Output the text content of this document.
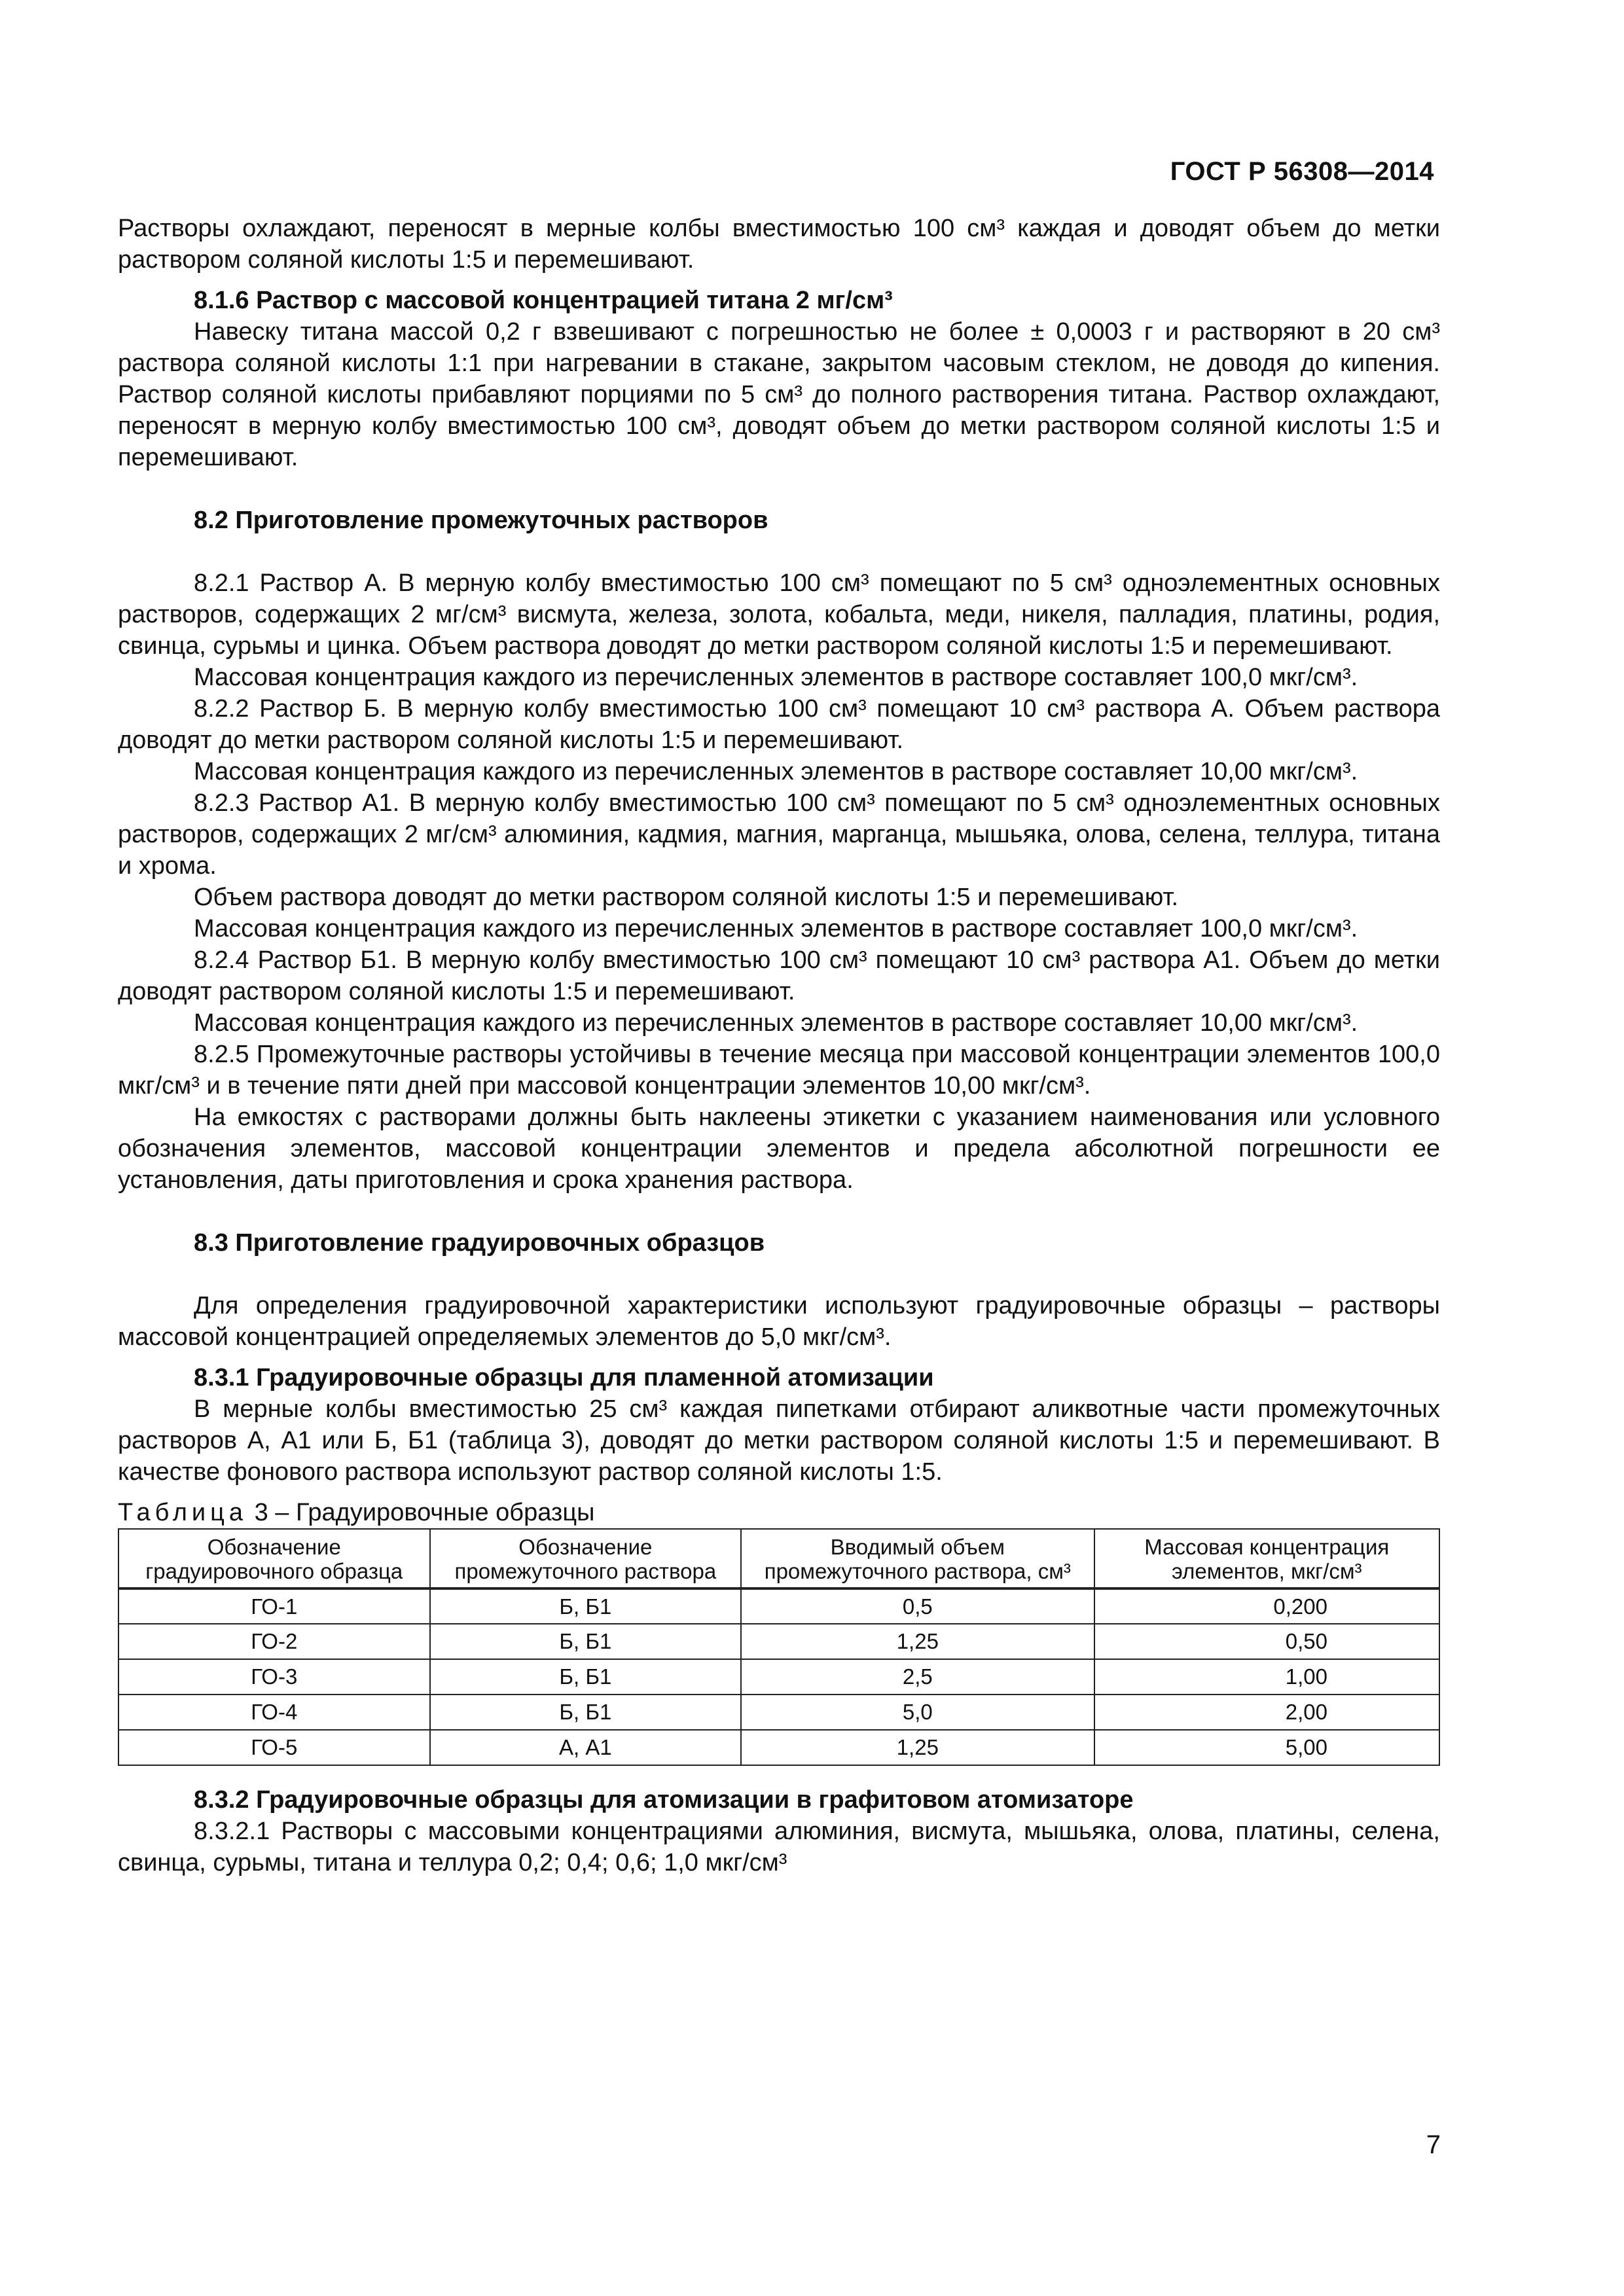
ГОСТ Р 56308—2014

Растворы охлаждают, переносят в мерные колбы вместимостью 100 см³ каждая и доводят объем до метки раствором соляной кислоты 1:5 и перемешивают.

8.1.6 Раствор с массовой концентрацией титана 2 мг/см³

Навеску титана массой 0,2 г взвешивают с погрешностью не более ± 0,0003 г и растворяют в 20 см³ раствора соляной кислоты 1:1 при нагревании в стакане, закрытом часовым стеклом, не доводя до кипения. Раствор соляной кислоты прибавляют порциями по 5 см³ до полного растворения титана. Раствор охлаждают, переносят в мерную колбу вместимостью 100 см³, доводят объем до метки раствором соляной кислоты 1:5 и перемешивают.

8.2 Приготовление промежуточных растворов

8.2.1 Раствор А. В мерную колбу вместимостью 100 см³ помещают по 5 см³ одноэлементных основных растворов, содержащих 2 мг/см³ висмута, железа, золота, кобальта, меди, никеля, палладия, платины, родия, свинца, сурьмы и цинка. Объем раствора доводят до метки раствором соляной кислоты 1:5 и перемешивают.

Массовая концентрация каждого из перечисленных элементов в растворе составляет 100,0 мкг/см³.

8.2.2 Раствор Б. В мерную колбу вместимостью 100 см³ помещают 10 см³ раствора А. Объем раствора доводят до метки раствором соляной кислоты 1:5 и перемешивают.

Массовая концентрация каждого из перечисленных элементов в растворе составляет 10,00 мкг/см³.

8.2.3 Раствор А1. В мерную колбу вместимостью 100 см³ помещают по 5 см³ одноэлементных основных растворов, содержащих 2 мг/см³ алюминия, кадмия, магния, марганца, мышьяка, олова, селена, теллура, титана и хрома.

Объем раствора доводят до метки раствором соляной кислоты 1:5 и перемешивают.

Массовая концентрация каждого из перечисленных элементов в растворе составляет 100,0 мкг/см³.

8.2.4 Раствор Б1. В мерную колбу вместимостью 100 см³ помещают 10 см³ раствора А1. Объем до метки доводят раствором соляной кислоты 1:5 и перемешивают.

Массовая концентрация каждого из перечисленных элементов в растворе составляет 10,00 мкг/см³.

8.2.5 Промежуточные растворы устойчивы в течение месяца при массовой концентрации элементов 100,0 мкг/см³ и в течение пяти дней при массовой концентрации элементов 10,00 мкг/см³.

На емкостях с растворами должны быть наклеены этикетки с указанием наименования или условного обозначения элементов, массовой концентрации элементов и предела абсолютной погрешности ее установления, даты приготовления и срока хранения раствора.

8.3 Приготовление градуировочных образцов

Для определения градуировочной характеристики используют градуировочные образцы – растворы массовой концентрацией определяемых элементов до 5,0 мкг/см³.

8.3.1 Градуировочные образцы для пламенной атомизации

В мерные колбы вместимостью 25 см³ каждая пипетками отбирают аликвотные части промежуточных растворов А, А1 или Б, Б1 (таблица 3), доводят до метки раствором соляной кислоты 1:5 и перемешивают. В качестве фонового раствора используют раствор соляной кислоты 1:5.

Таблица 3 – Градуировочные образцы

Обозначение градуировочного образца	Обозначение промежуточного раствора	Вводимый объем промежуточного раствора, см³	Массовая концентрация элементов, мкг/см³
ГО-1	Б, Б1	0,5	0,200
ГО-2	Б, Б1	1,25	0,50
ГО-3	Б, Б1	2,5	1,00
ГО-4	Б, Б1	5,0	2,00
ГО-5	А, А1	1,25	5,00

8.3.2 Градуировочные образцы для атомизации в графитовом атомизаторе

8.3.2.1 Растворы с массовыми концентрациями алюминия, висмута, мышьяка, олова, платины, селена, свинца, сурьмы, титана и теллура 0,2; 0,4; 0,6; 1,0 мкг/см³

7
